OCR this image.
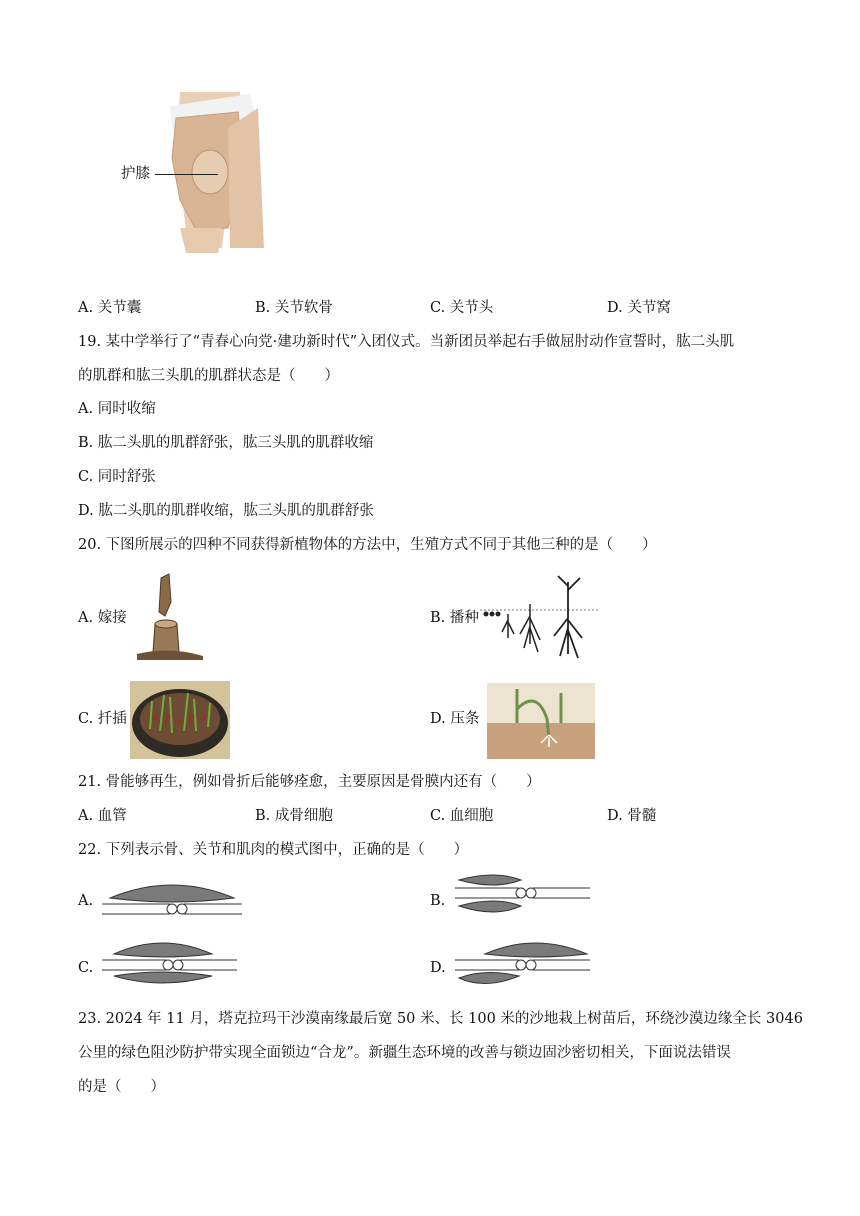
护膝
A. 关节囊	B. 关节软骨	C. 关节头	D. 关节窝
19. 某中学举行了“青春心向党·建功新时代”入团仪式。当新团员举起右手做屈肘动作宣誓时，肱二头肌
的肌群和肱三头肌的肌群状态是（　　）
A. 同时收缩
B. 肱二头肌的肌群舒张，肱三头肌的肌群收缩
C. 同时舒张
D. 肱二头肌的肌群收缩，肱三头肌的肌群舒张
20. 下图所展示的四种不同获得新植物体的方法中，生殖方式不同于其他三种的是（　　）
A. 嫁接	B. 播种
C. 扦插	D. 压条
21. 骨能够再生，例如骨折后能够痊愈，主要原因是骨膜内还有（　　）
A. 血管	B. 成骨细胞	C. 血细胞	D. 骨髓
22. 下列表示骨、关节和肌肉的模式图中，正确的是（　　）
A.	B.
C.	D.
23. 2024 年 11 月，塔克拉玛干沙漠南缘最后宽 50 米、长 100 米的沙地栽上树苗后，环绕沙漠边缘全长 3046
公里的绿色阻沙防护带实现全面锁边“合龙”。新疆生态环境的改善与锁边固沙密切相关，下面说法错误
的是（　　）
